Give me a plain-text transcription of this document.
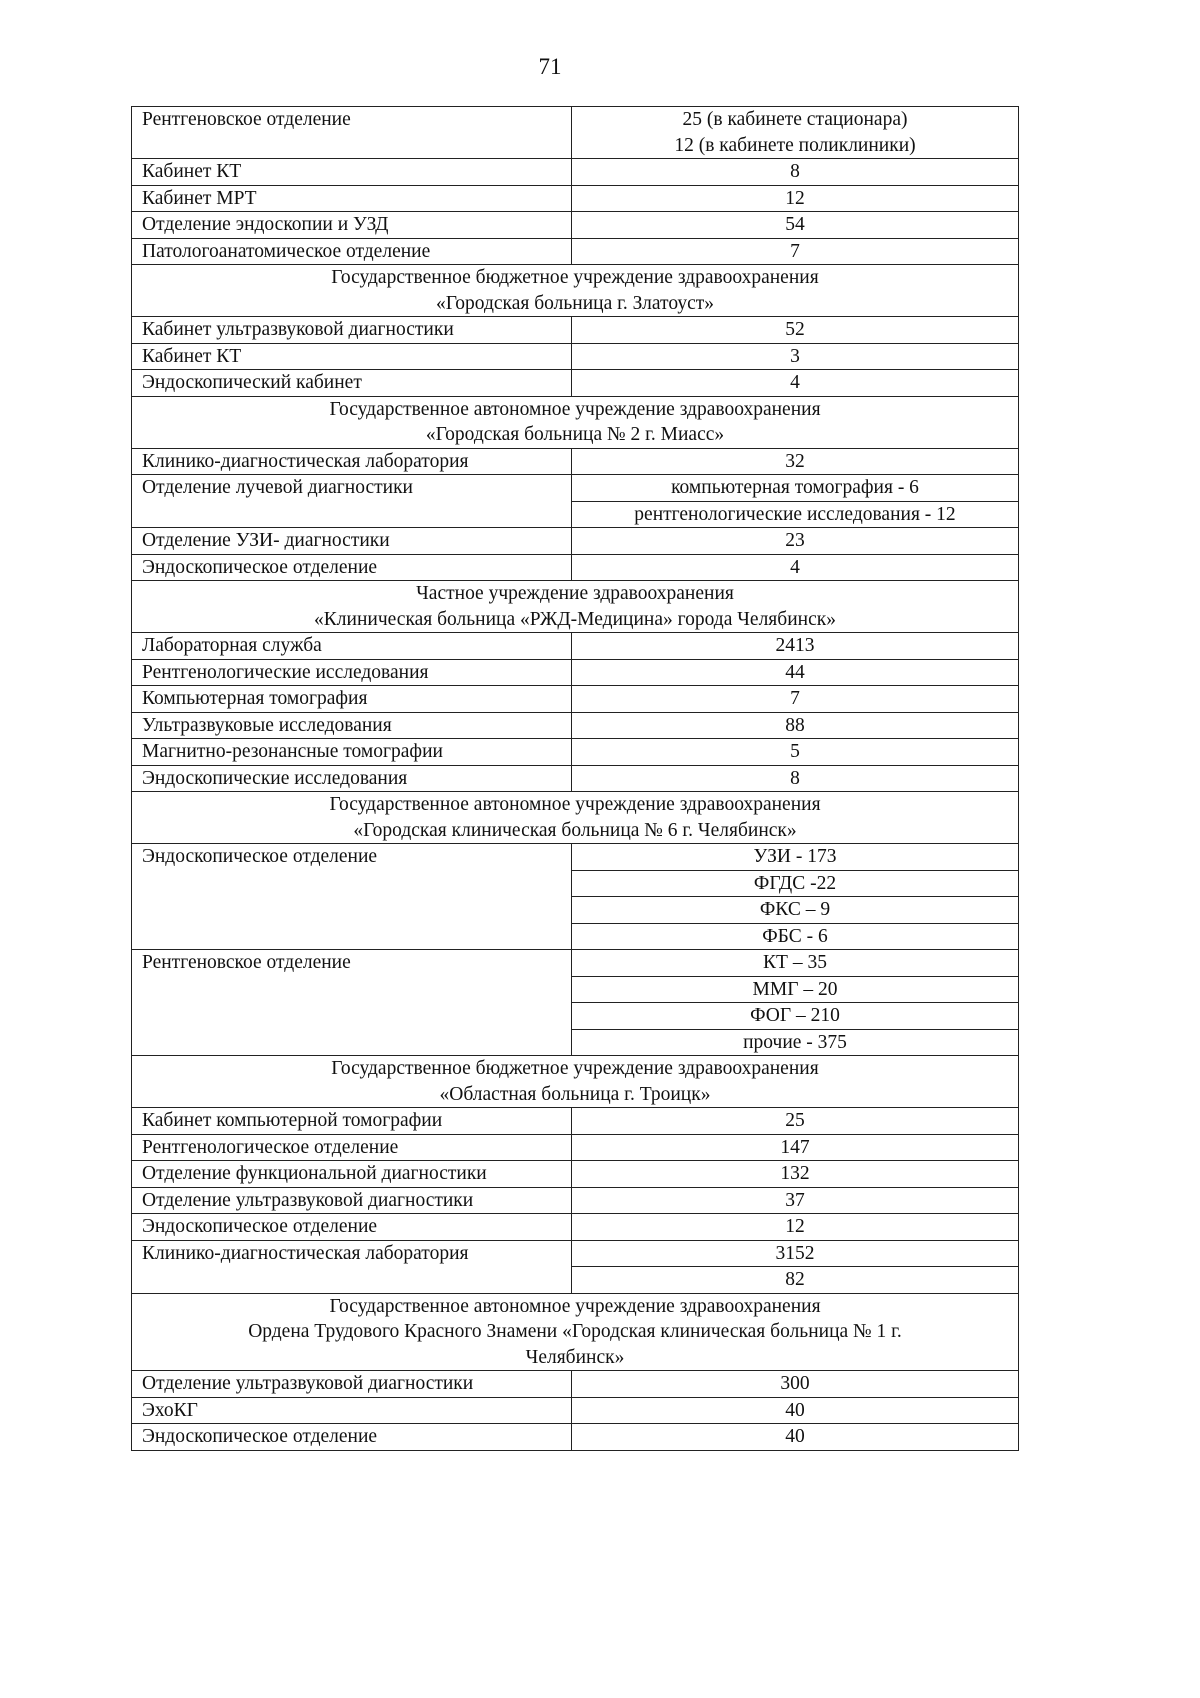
71
Рентгеновское отделение	25 (в кабинете стационара)
12 (в кабинете поликлиники)

Кабинет КТ	8
Кабинет МРТ	12
Отделение эндоскопии и УЗД	54
Патологоанатомическое отделение	7

Государственное бюджетное учреждение здравоохранения
«Городская больница г. Златоуст»	

Кабинет ультразвуковой диагностики	52
Кабинет КТ	3
Эндоскопический кабинет	4

Государственное автономное учреждение здравоохранения
«Городская больница № 2 г. Миасс»	

Клинико-диагностическая лаборатория	32
Отделение лучевой диагностики	компьютерная томография - 6
	рентгенологические исследования - 12
Отделение УЗИ- диагностики	23
Эндоскопическое отделение	4

Частное учреждение здравоохранения
«Клиническая больница «РЖД-Медицина» города Челябинск»	

Лабораторная служба	2413
Рентгенологические исследования	44
Компьютерная томография	7
Ультразвуковые исследования	88
Магнитно-резонансные томографии	5
Эндоскопические исследования	8

Государственное автономное учреждение здравоохранения
«Городская клиническая больница № 6 г. Челябинск»	

Эндоскопическое отделение	УЗИ - 173
	ФГДС -22
	ФКС – 9
	ФБС - 6
Рентгеновское отделение	КТ – 35
	ММГ – 20
	ФОГ – 210
	прочие - 375

Государственное бюджетное учреждение здравоохранения
«Областная больница г. Троицк»	

Кабинет компьютерной томографии	25
Рентгенологическое отделение	147
Отделение функциональной диагностики	132
Отделение ультразвуковой диагностики	37
Эндоскопическое отделение	12
Клинико-диагностическая лаборатория	3152
	82

Государственное автономное учреждение здравоохранения
Ордена Трудового Красного Знамени «Городская клиническая больница № 1 г.
Челябинск»	

Отделение ультразвуковой диагностики	300
ЭхоКГ	40
Эндоскопическое отделение	40
